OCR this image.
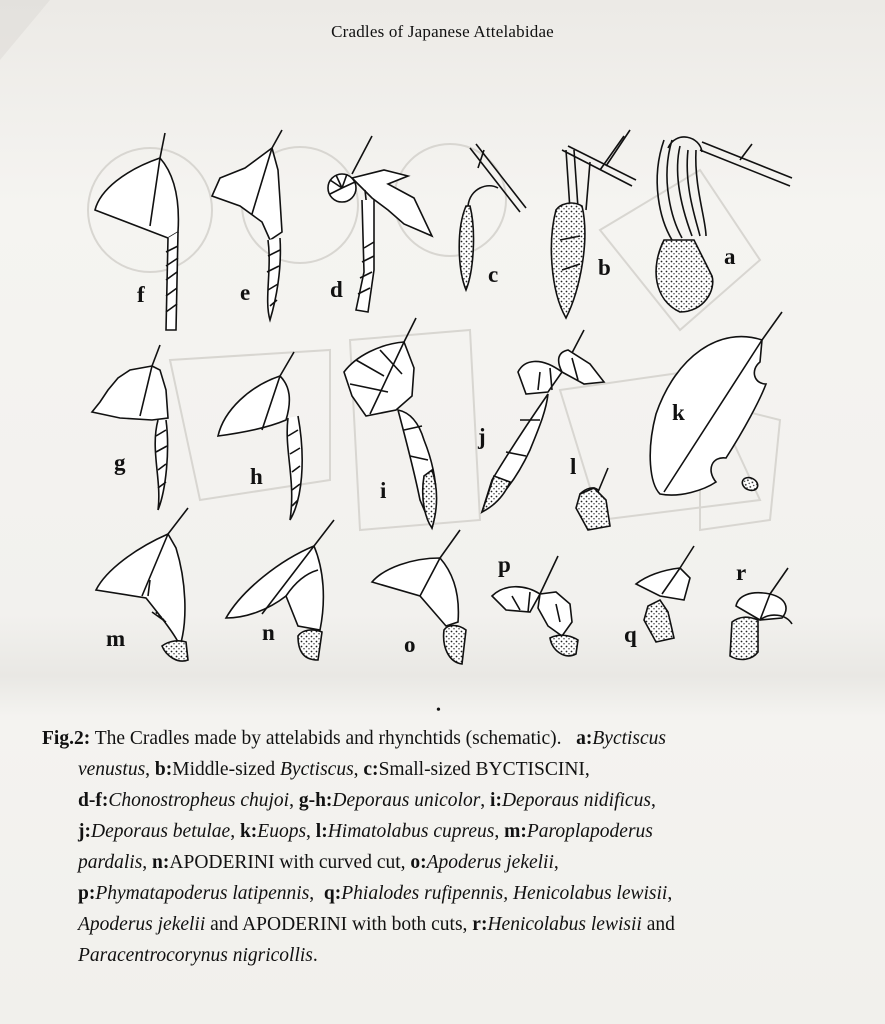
Cradles of Japanese Attelabidae
f	e	d
c	b	a
g
h
i
j
k
l
m	n	o
p
q
r
•
Fig.2: The Cradles made by attelabids and rhynchtids (schematic). a:Byctiscus
venustus, b:Middle-sized Byctiscus, c:Small-sized BYCTISCINI,
d-f:Chonostropheus chujoi, g-h:Deporaus unicolor, i:Deporaus nidificus,
j:Deporaus betulae, k:Euops, l:Himatolabus cupreus, m:Paroplapoderus
pardalis, n:APODERINI with curved cut, o:Apoderus jekelii,
p:Phymatapoderus latipennis,  q:Phialodes rufipennis, Henicolabus lewisii,
Apoderus jekelii and APODERINI with both cuts, r:Henicolabus lewisii and
Paracentrocorynus nigricollis.
